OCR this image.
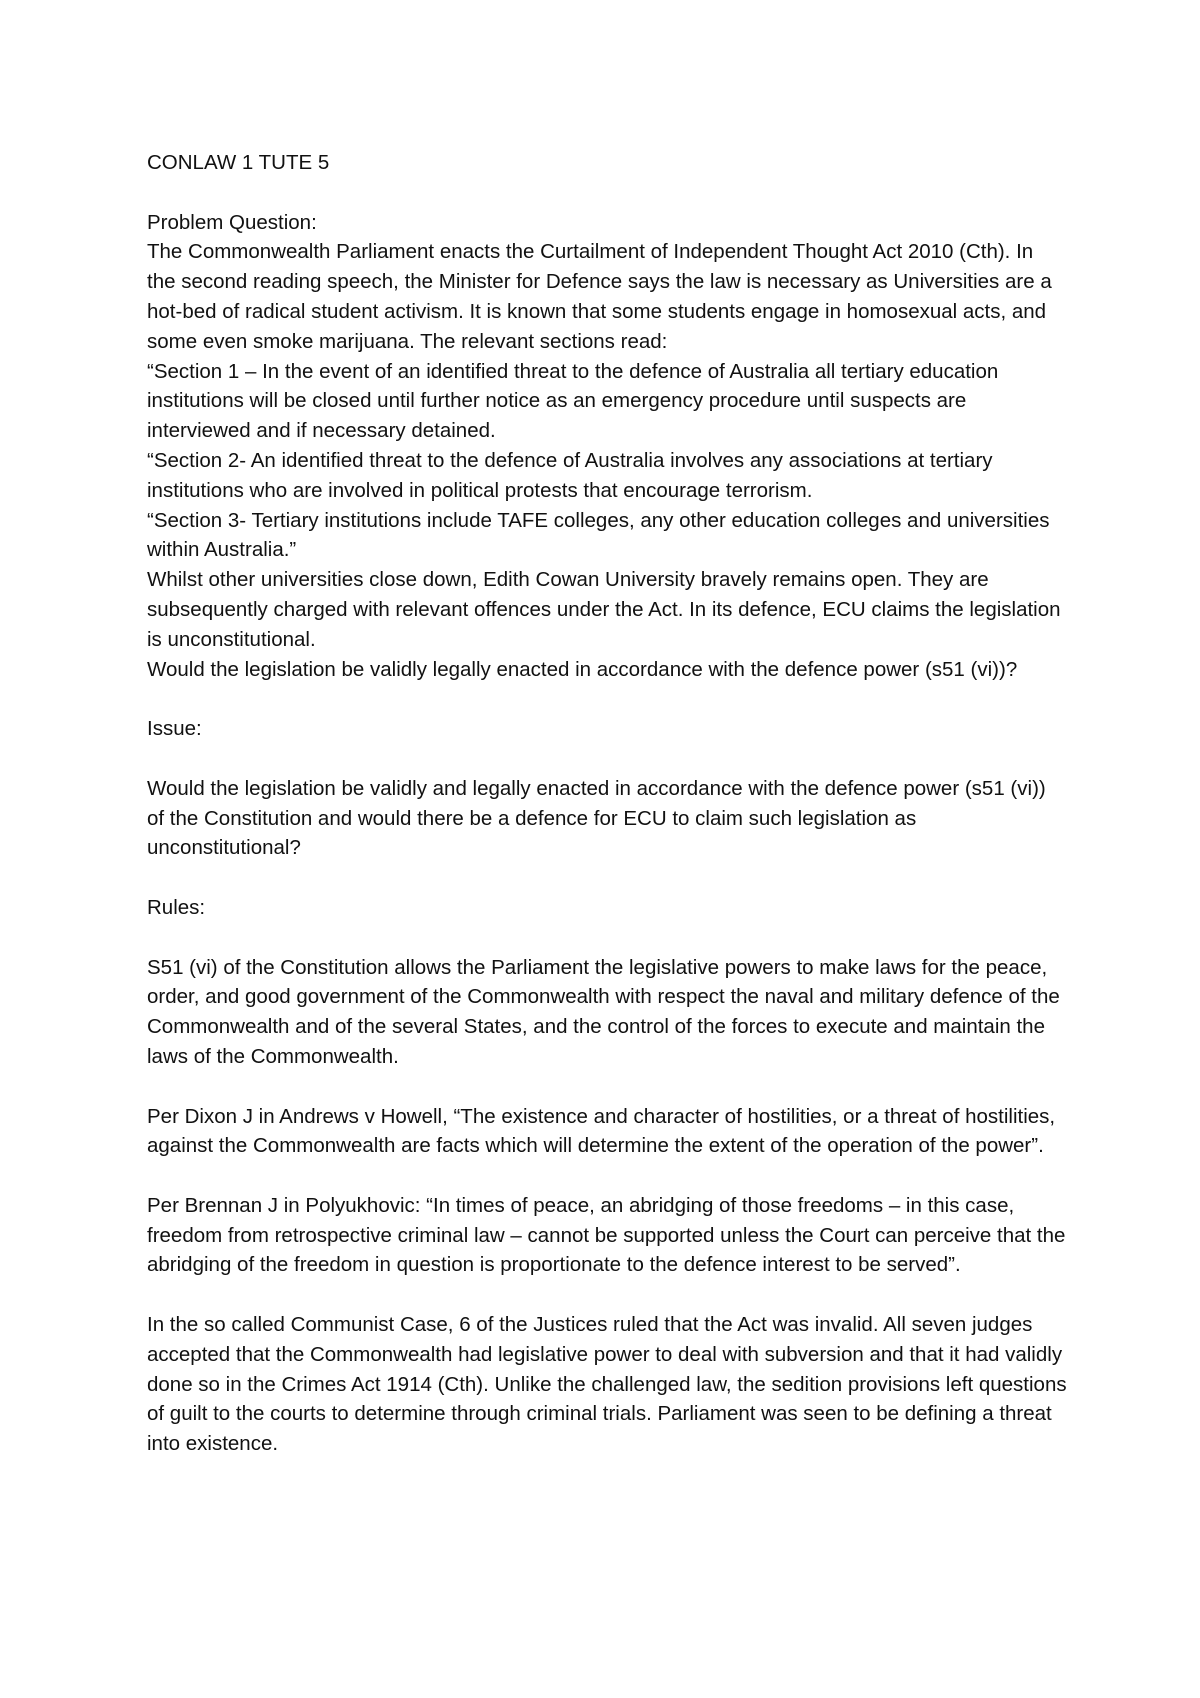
CONLAW 1 TUTE 5

Problem Question:

The Commonwealth Parliament enacts the Curtailment of Independent Thought Act 2010 (Cth). In the second reading speech, the Minister for Defence says the law is necessary as Universities are a hot-bed of radical student activism. It is known that some students engage in homosexual acts, and some even smoke marijuana. The relevant sections read:

“Section 1 – In the event of an identified threat to the defence of Australia all tertiary education institutions will be closed until further notice as an emergency procedure until suspects are interviewed and if necessary detained.

“Section 2- An identified threat to the defence of Australia involves any associations at tertiary institutions who are involved in political protests that encourage terrorism.

“Section 3- Tertiary institutions include TAFE colleges, any other education colleges and universities within Australia.”

Whilst other universities close down, Edith Cowan University bravely remains open. They are subsequently charged with relevant offences under the Act. In its defence, ECU claims the legislation is unconstitutional.

Would the legislation be validly legally enacted in accordance with the defence power (s51 (vi))?

Issue:

Would the legislation be validly and legally enacted in accordance with the defence power (s51 (vi)) of the Constitution and would there be a defence for ECU to claim such legislation as unconstitutional?

Rules:

S51 (vi) of the Constitution allows the Parliament the legislative powers to make laws for the peace, order, and good government of the Commonwealth with respect the naval and military defence of the Commonwealth and of the several States, and the control of the forces to execute and maintain the laws of the Commonwealth.

Per Dixon J in Andrews v Howell, “The existence and character of hostilities, or a threat of hostilities, against the Commonwealth are facts which will determine the extent of the operation of the power”.

Per Brennan J in Polyukhovic: “In times of peace, an abridging of those freedoms – in this case, freedom from retrospective criminal law – cannot be supported unless the Court can perceive that the abridging of the freedom in question is proportionate to the defence interest to be served”.

In the so called Communist Case, 6 of the Justices ruled that the Act was invalid. All seven judges accepted that the Commonwealth had legislative power to deal with subversion and that it had validly done so in the Crimes Act 1914 (Cth). Unlike the challenged law, the sedition provisions left questions of guilt to the courts to determine through criminal trials. Parliament was seen to be defining a threat into existence.
